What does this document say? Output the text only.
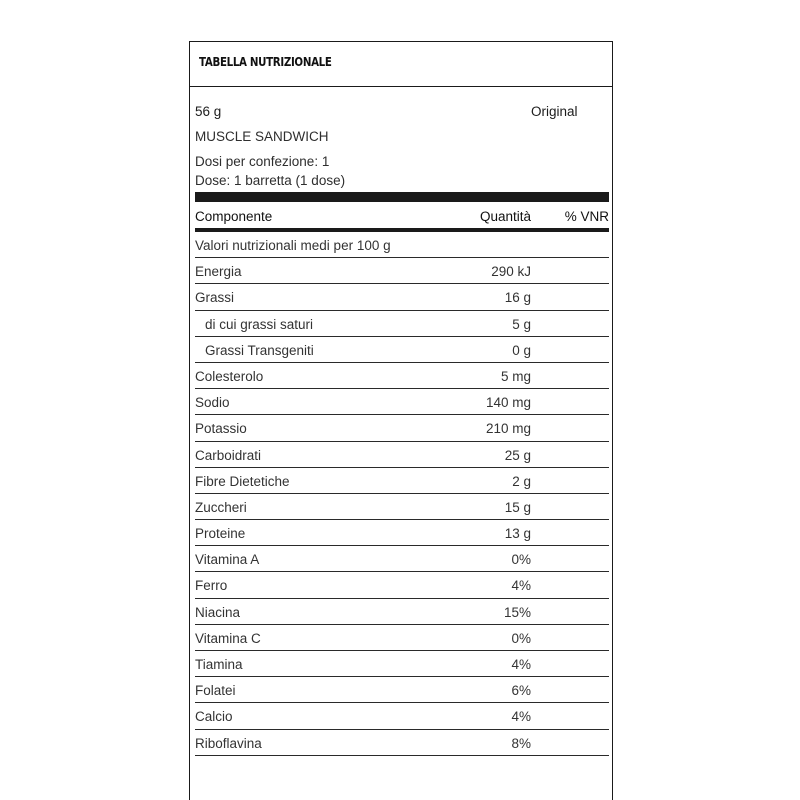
TABELLA NUTRIZIONALE
56 g	Original
MUSCLE SANDWICH
Dosi per confezione: 1
Dose: 1 barretta (1 dose)
Componente	Quantità % VNR
Valori nutrizionali medi per 100 g
Energia	290 kJ
Grassi	16 g
di cui grassi saturi	5 g
Grassi Transgeniti	0 g
Colesterolo	5 mg
Sodio	140 mg
Potassio	210 mg
Carboidrati	25 g
Fibre Dietetiche	2 g
Zuccheri	15 g
Proteine	13 g
Vitamina A	0%
Ferro	4%
Niacina	15%
Vitamina C	0%
Tiamina	4%
Folatei	6%
Calcio	4%
Riboflavina	8%
